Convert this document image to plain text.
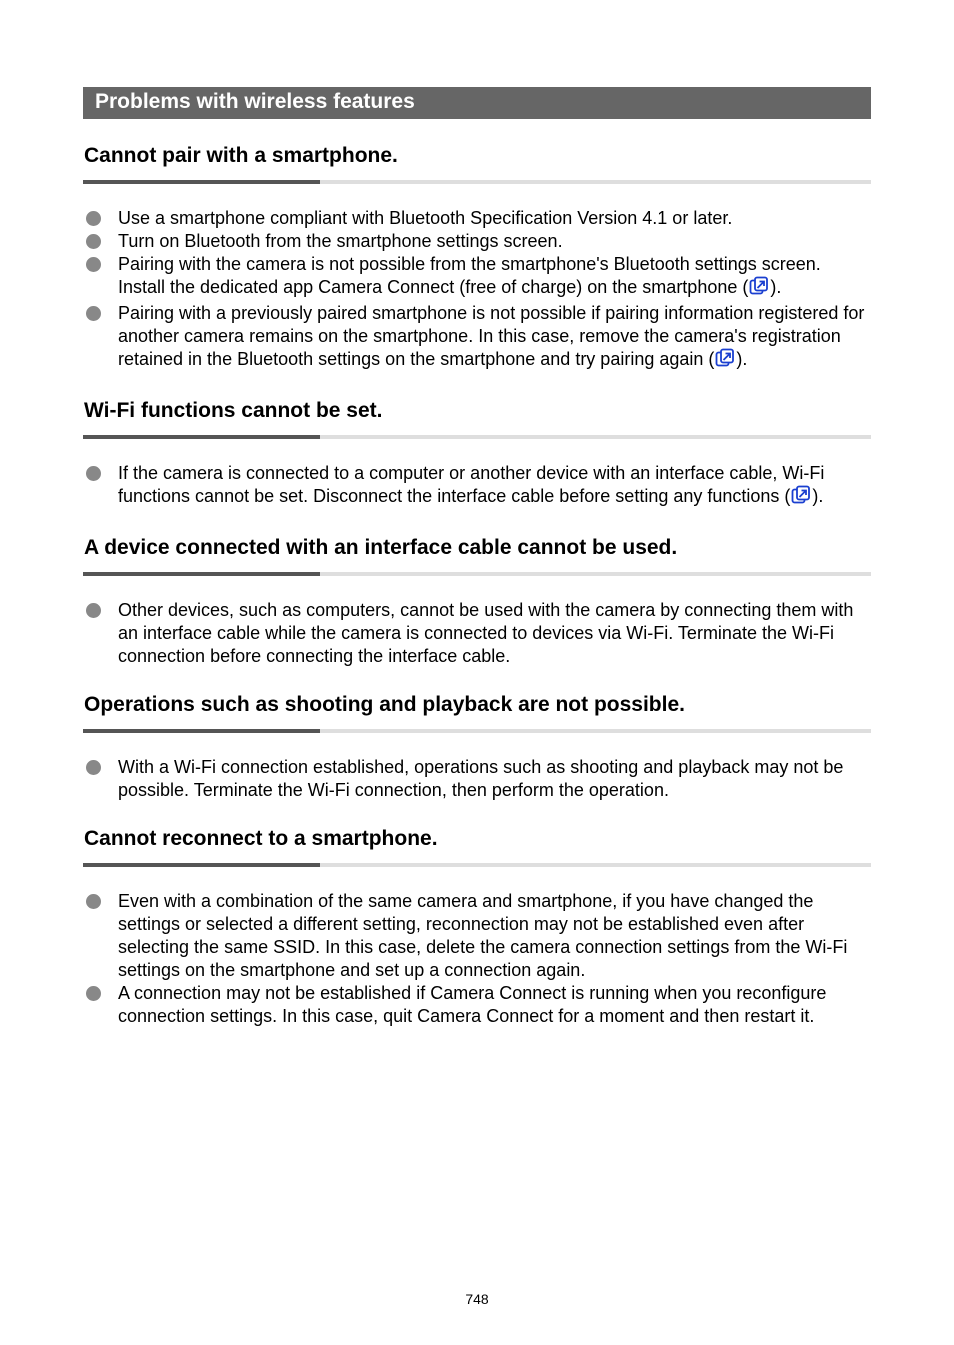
Problems with wireless features
Cannot pair with a smartphone.
Use a smartphone compliant with Bluetooth Specification Version 4.1 or later.
Turn on Bluetooth from the smartphone settings screen.
Pairing with the camera is not possible from the smartphone's Bluetooth settings screen. Install the dedicated app Camera Connect (free of charge) on the smartphone ( ).
Pairing with a previously paired smartphone is not possible if pairing information registered for another camera remains on the smartphone. In this case, remove the camera's registration retained in the Bluetooth settings on the smartphone and try pairing again ( ).
Wi-Fi functions cannot be set.
If the camera is connected to a computer or another device with an interface cable, Wi-Fi functions cannot be set. Disconnect the interface cable before setting any functions ( ).
A device connected with an interface cable cannot be used.
Other devices, such as computers, cannot be used with the camera by connecting them with an interface cable while the camera is connected to devices via Wi-Fi. Terminate the Wi-Fi connection before connecting the interface cable.
Operations such as shooting and playback are not possible.
With a Wi-Fi connection established, operations such as shooting and playback may not be possible. Terminate the Wi-Fi connection, then perform the operation.
Cannot reconnect to a smartphone.
Even with a combination of the same camera and smartphone, if you have changed the settings or selected a different setting, reconnection may not be established even after selecting the same SSID. In this case, delete the camera connection settings from the Wi-Fi settings on the smartphone and set up a connection again.
A connection may not be established if Camera Connect is running when you reconfigure connection settings. In this case, quit Camera Connect for a moment and then restart it.
748
